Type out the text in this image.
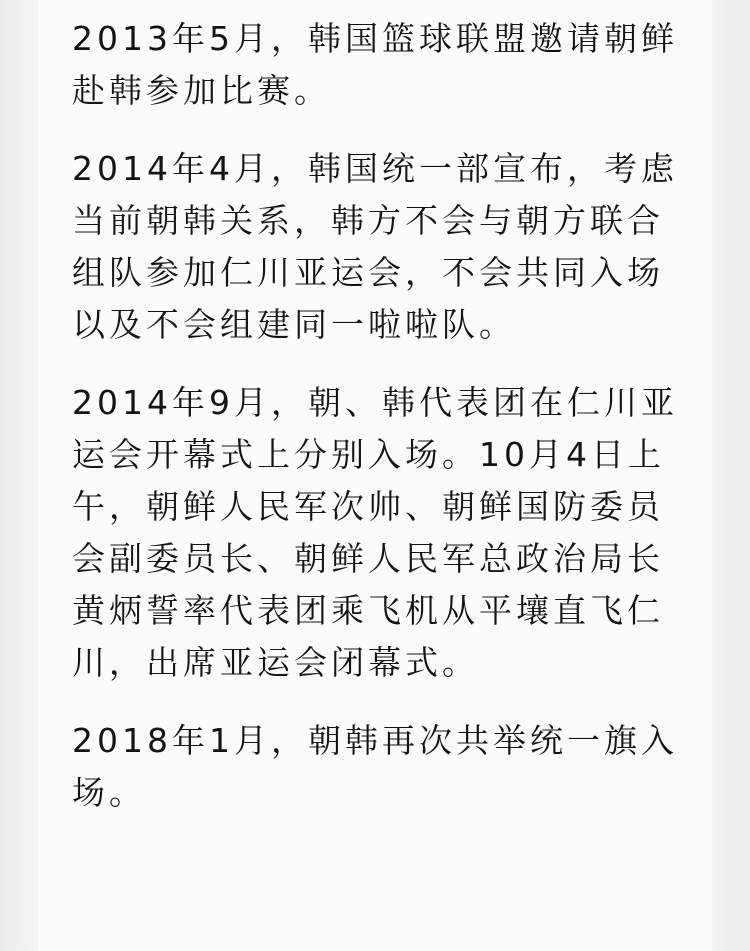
2013年5月，韩国篮球联盟邀请朝鲜赴韩参加比赛。

2014年4月，韩国统一部宣布，考虑当前朝韩关系，韩方不会与朝方联合组队参加仁川亚运会，不会共同入场以及不会组建同一啦啦队。

2014年9月，朝、韩代表团在仁川亚运会开幕式上分别入场。10月4日上午，朝鲜人民军次帅、朝鲜国防委员会副委员长、朝鲜人民军总政治局长黄炳誓率代表团乘飞机从平壤直飞仁川，出席亚运会闭幕式。

2018年1月，朝韩再次共举统一旗入场。
